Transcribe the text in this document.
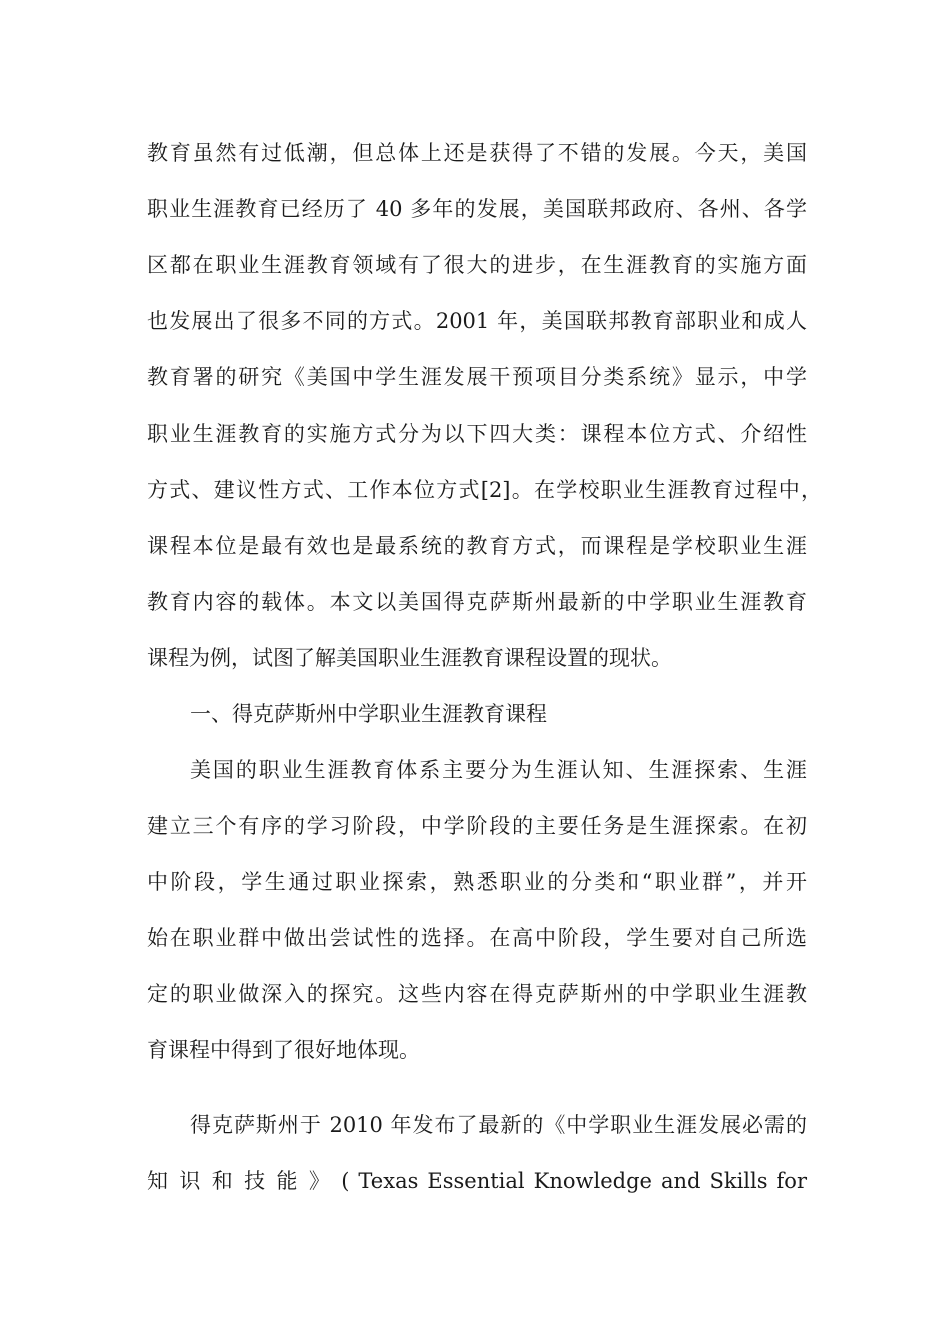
教育虽然有过低潮，但总体上还是获得了不错的发展。今天，美国
职业生涯教育已经历了 40 多年的发展，美国联邦政府、各州、各学
区都在职业生涯教育领域有了很大的进步，在生涯教育的实施方面
也发展出了很多不同的方式。2001 年，美国联邦教育部职业和成人
教育署的研究《美国中学生涯发展干预项目分类系统》显示，中学
职业生涯教育的实施方式分为以下四大类：课程本位方式、介绍性
方式、建议性方式、工作本位方式[2]。在学校职业生涯教育过程中，
课程本位是最有效也是最系统的教育方式，而课程是学校职业生涯
教育内容的载体。本文以美国得克萨斯州最新的中学职业生涯教育
课程为例，试图了解美国职业生涯教育课程设置的现状。
一、得克萨斯州中学职业生涯教育课程
美国的职业生涯教育体系主要分为生涯认知、生涯探索、生涯
建立三个有序的学习阶段，中学阶段的主要任务是生涯探索。在初
中阶段，学生通过职业探索，熟悉职业的分类和“职业群”，并开
始在职业群中做出尝试性的选择。在高中阶段，学生要对自己所选
定的职业做深入的探究。这些内容在得克萨斯州的中学职业生涯教
育课程中得到了很好地体现。
得克萨斯州于 2010 年发布了最新的《中学职业生涯发展必需的
知 识 和 技 能 》 ( Texas Essential Knowledge and Skills for
